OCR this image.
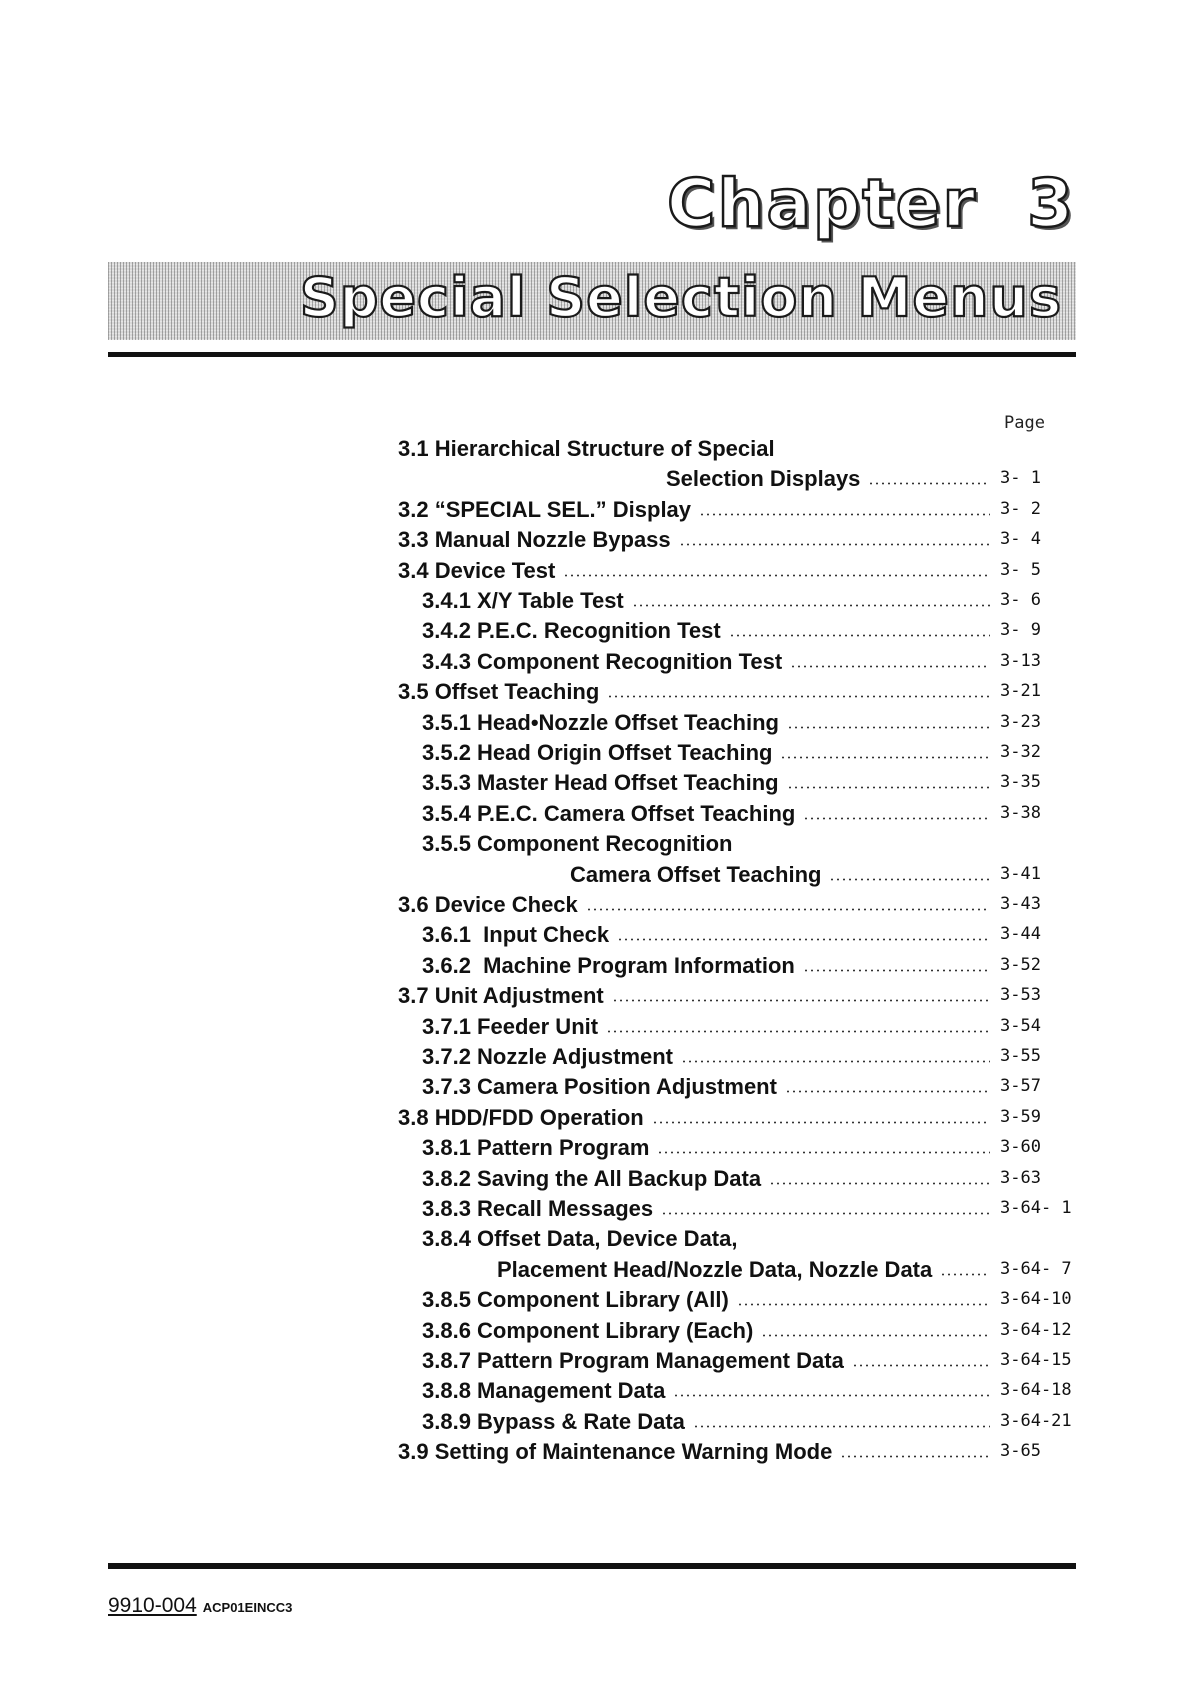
Chapter 3
Special Selection Menus
Page
3.1 Hierarchical Structure of Special
Selection Displays	3- 1
3.2 “SPECIAL SEL.” Display	3- 2
3.3 Manual Nozzle Bypass	3- 4
3.4 Device Test	3- 5
3.4.1 X/Y Table Test	3- 6
3.4.2 P.E.C. Recognition Test	3- 9
3.4.3 Component Recognition Test	3-13
3.5 Offset Teaching	3-21
3.5.1 Head•Nozzle Offset Teaching	3-23
3.5.2 Head Origin Offset Teaching	3-32
3.5.3 Master Head Offset Teaching	3-35
3.5.4 P.E.C. Camera Offset Teaching	3-38
3.5.5 Component Recognition
Camera Offset Teaching	3-41
3.6 Device Check	3-43
3.6.1  Input Check	3-44
3.6.2  Machine Program Information	3-52
3.7 Unit Adjustment	3-53
3.7.1 Feeder Unit	3-54
3.7.2 Nozzle Adjustment	3-55
3.7.3 Camera Position Adjustment	3-57
3.8 HDD/FDD Operation	3-59
3.8.1 Pattern Program	3-60
3.8.2 Saving the All Backup Data	3-63
3.8.3 Recall Messages	3-64- 1
3.8.4 Offset Data, Device Data,
Placement Head/Nozzle Data, Nozzle Data	3-64- 7
3.8.5 Component Library (All)	3-64-10
3.8.6 Component Library (Each)	3-64-12
3.8.7 Pattern Program Management Data	3-64-15
3.8.8 Management Data	3-64-18
3.8.9 Bypass & Rate Data	3-64-21
3.9 Setting of Maintenance Warning Mode	3-65
9910-004 ACP01EINCC3
